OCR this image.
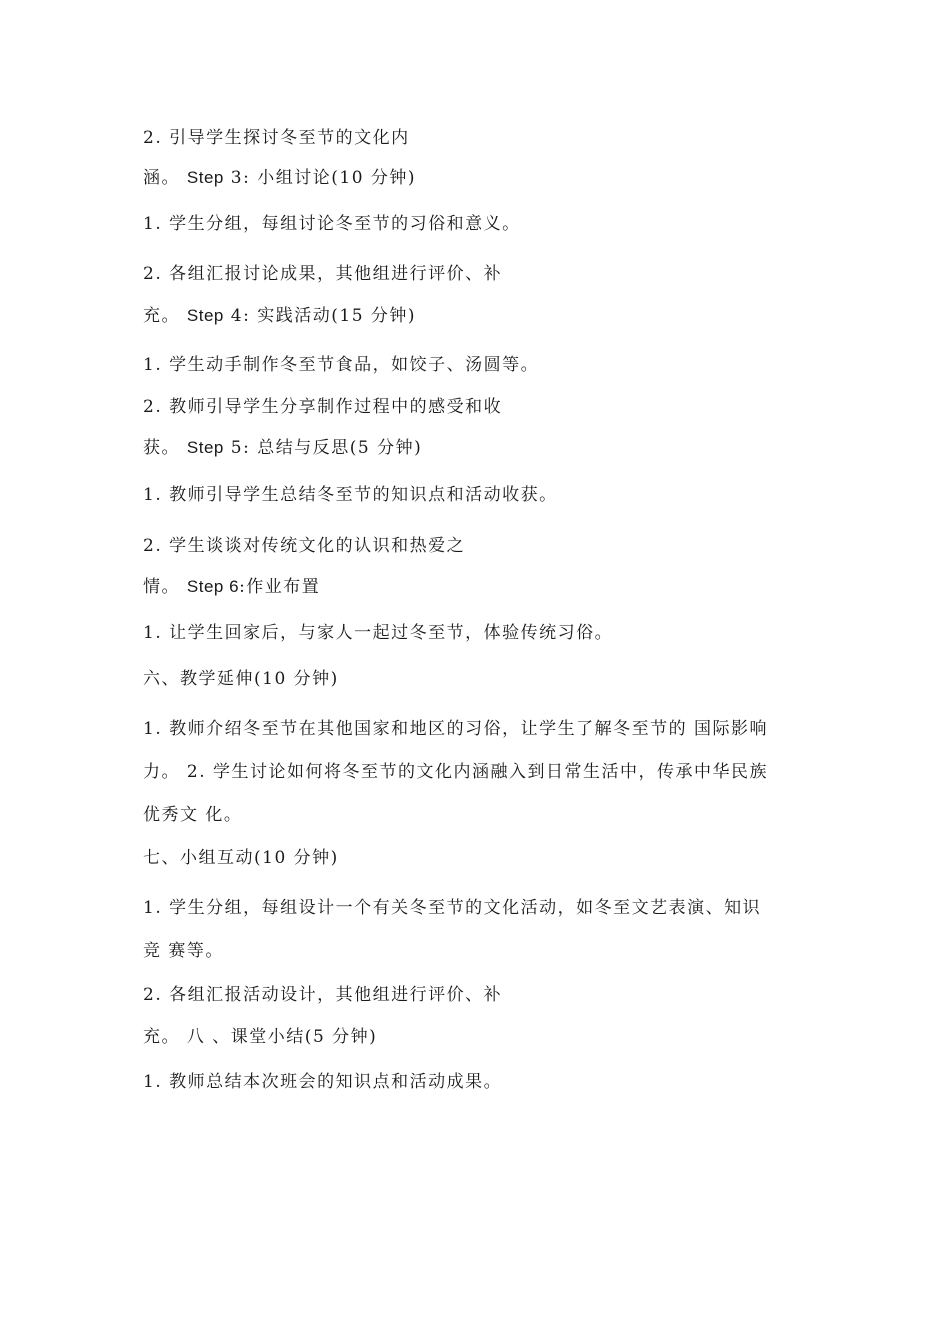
2. 引导学生探讨冬至节的文化内
涵。 Step 3: 小组讨论(10 分钟)
1. 学生分组，每组讨论冬至节的习俗和意义。
2. 各组汇报讨论成果，其他组进行评价、补
充。 Step 4: 实践活动(15 分钟)
1. 学生动手制作冬至节食品，如饺子、汤圆等。
2. 教师引导学生分享制作过程中的感受和收
获。 Step 5: 总结与反思(5 分钟)
1. 教师引导学生总结冬至节的知识点和活动收获。
2. 学生谈谈对传统文化的认识和热爱之
情。 Step 6:作业布置
1. 让学生回家后，与家人一起过冬至节，体验传统习俗。
六、教学延伸(10 分钟)
1. 教师介绍冬至节在其他国家和地区的习俗，让学生了解冬至节的 国际影响
力。 2. 学生讨论如何将冬至节的文化内涵融入到日常生活中，传承中华民族
优秀文 化。
七、小组互动(10 分钟)
1. 学生分组，每组设计一个有关冬至节的文化活动，如冬至文艺表演、知识
竞 赛等。
2. 各组汇报活动设计，其他组进行评价、补
充。 八 、课堂小结(5 分钟)
1. 教师总结本次班会的知识点和活动成果。
